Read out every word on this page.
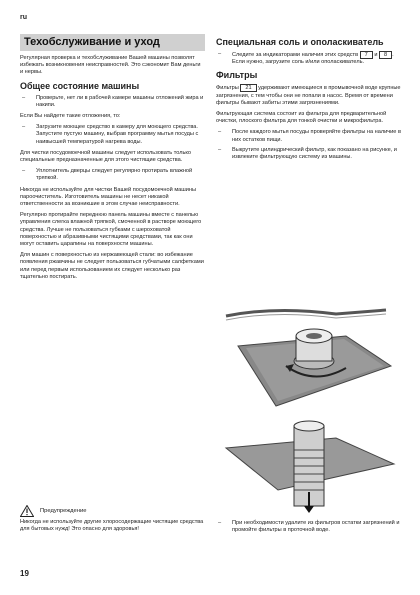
ru
Техобслуживание и уход

Регулярная проверка и техобслуживание Вашей машины позволят избежать возникновения неисправностей. Это сэкономит Вам деньги и нервы.

Общее состояние машины
– Проверьте, нет ли в рабочей камере машины отложений жира и накипи.

Если Вы найдете такие отложения, то:

– Загрузите моющее средство в камеру для моющего средства. Запустите пустую машину, выбрав программу мытья посуды с наивысшей температурой нагрева воды.

Для чистки посудомоечной машины следует использовать только специальные предназначенные для этого чистящие средства.

– Уплотнитель дверцы следует регулярно протирать влажной тряпкой.

Никогда не используйте для чистки Вашей посудомоечной машины пароочиститель. Изготовитель машины не несет никакой ответственности за возникшие в этом случае неисправности.

Регулярно протирайте переднюю панель машины вместе с панелью управления слегка влажной тряпкой, смоченной в растворе моющего средства. Лучше не пользоваться губками с шероховатой поверхностью и абразивными чистящими средствами, так как они могут оставить царапины на поверхности машины.

Для машин с поверхностью из нержавеющей стали: во избежание появления ржавчины не следует пользоваться губчатыми салфетками или перед первым использованием их следует несколько раз тщательно постирать.

Предупреждение

Никогда не используйте другие хлоросодержащие чистящие средства для бытовых нужд! Это опасно для здоровья!

Специальная соль и ополаскиватель
– Следите за индикаторами наличия этих средств 7 и 8 . Если нужно, загрузите соль и/или ополаскиватель.
Фильтры

Фильтры 21 удерживают имеющиеся в промывочной воде крупные загрязнения, с тем чтобы они не попали в насос. Время от времени фильтры бывают забиты этими загрязнениями.

Фильтрующая система состоит из фильтра для предварительной очистки, плоского фильтра для тонкой очистки и микрофильтра.

– После каждого мытья посуды проверяйте фильтры на наличие в них остатков пищи.
– Выкрутите цилиндрический фильтр, как показано на рисунке, и извлеките фильтрующую систему из машины.
– При необходимости удалите из фильтров остатки загрязнений и промойте фильтры в проточной воде.
19
